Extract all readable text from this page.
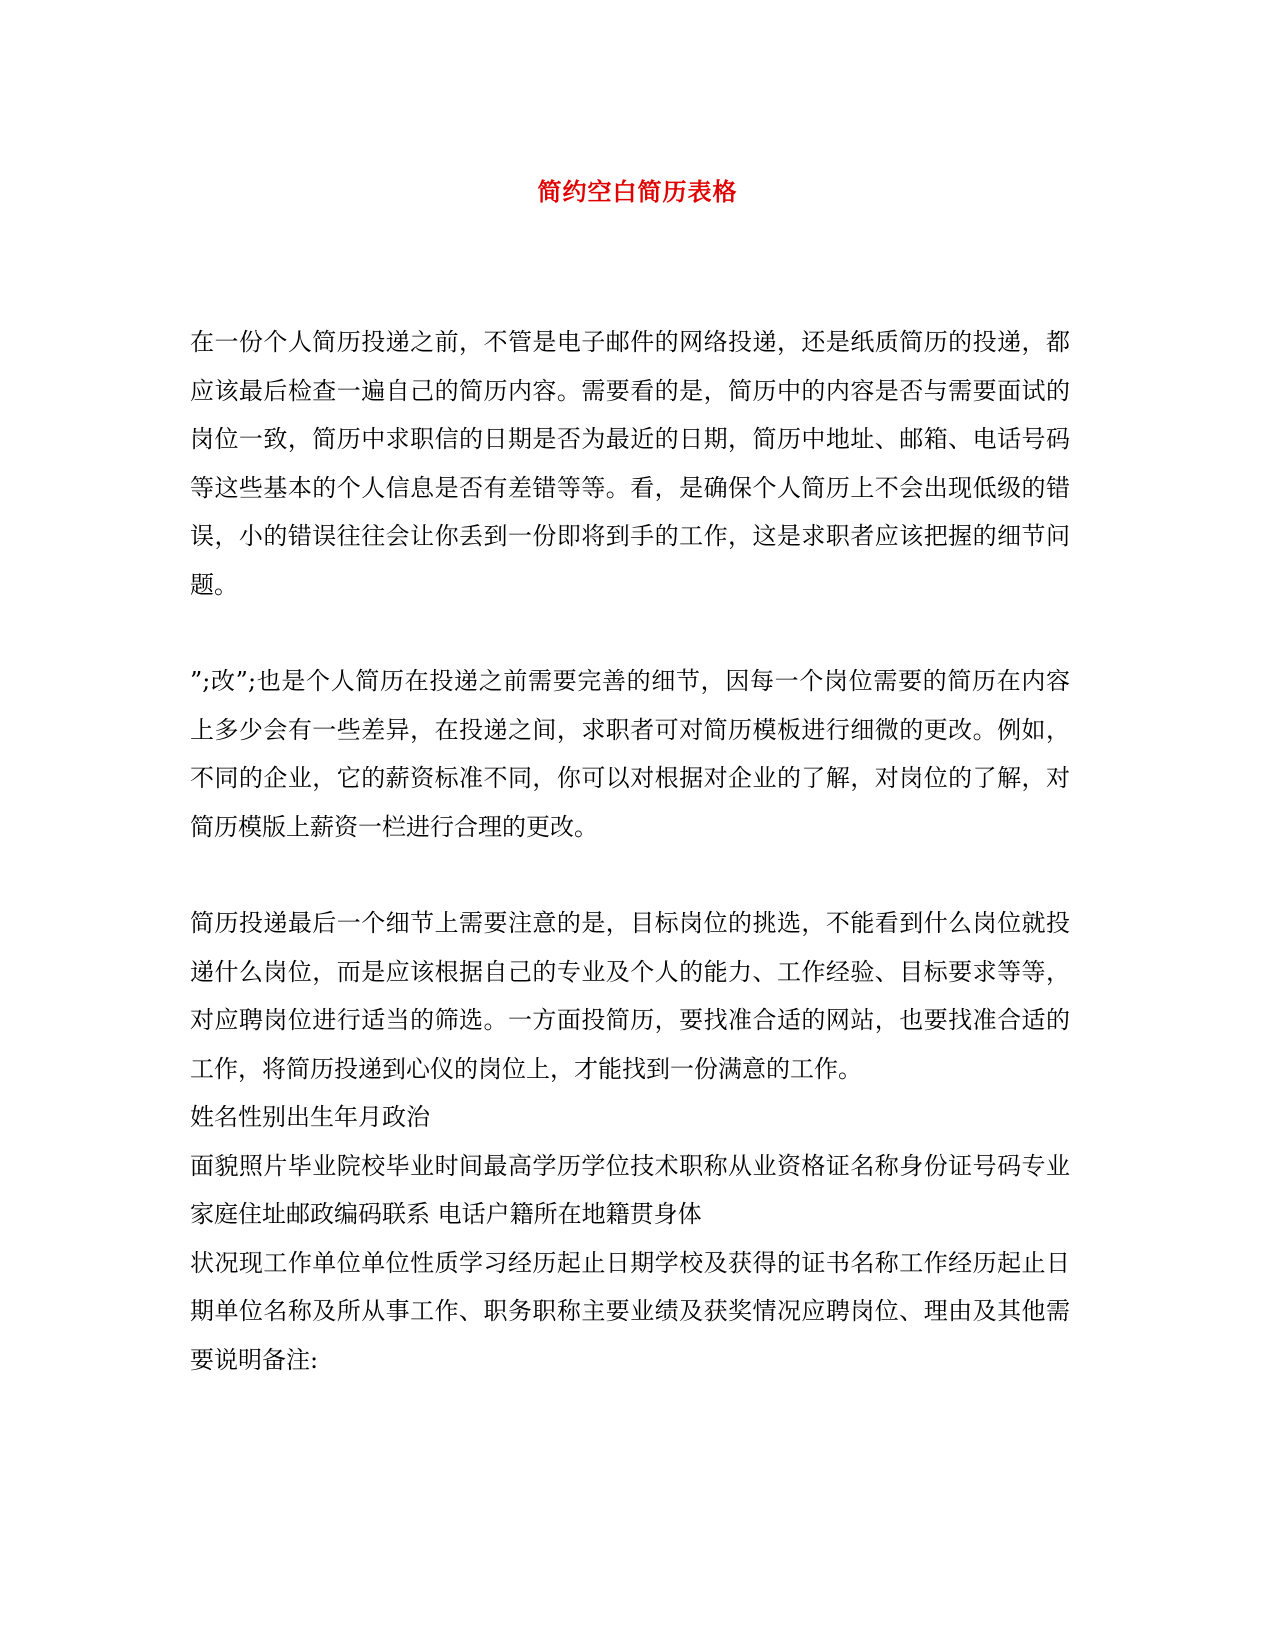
简约空白简历表格

在一份个人简历投递之前，不管是电子邮件的网络投递，还是纸质简历的投递，都应该最后检查一遍自己的简历内容。需要看的是，简历中的内容是否与需要面试的岗位一致，简历中求职信的日期是否为最近的日期，简历中地址、邮箱、电话号码等这些基本的个人信息是否有差错等等。看，是确保个人简历上不会出现低级的错误，小的错误往往会让你丢到一份即将到手的工作，这是求职者应该把握的细节问题。

”;改”;也是个人简历在投递之前需要完善的细节，因每一个岗位需要的简历在内容上多少会有一些差异，在投递之间，求职者可对简历模板进行细微的更改。例如，不同的企业，它的薪资标准不同，你可以对根据对企业的了解，对岗位的了解，对简历模版上薪资一栏进行合理的更改。

简历投递最后一个细节上需要注意的是，目标岗位的挑选，不能看到什么岗位就投递什么岗位，而是应该根据自己的专业及个人的能力、工作经验、目标要求等等，对应聘岗位进行适当的筛选。一方面投简历，要找准合适的网站，也要找准合适的工作，将简历投递到心仪的岗位上，才能找到一份满意的工作。

姓名性别出生年月政治

面貌照片毕业院校毕业时间最高学历学位技术职称从业资格证名称身份证号码专业家庭住址邮政编码联系 电话户籍所在地籍贯身体

状况现工作单位单位性质学习经历起止日期学校及获得的证书名称工作经历起止日期单位名称及所从事工作、职务职称主要业绩及获奖情况应聘岗位、理由及其他需要说明备注:
